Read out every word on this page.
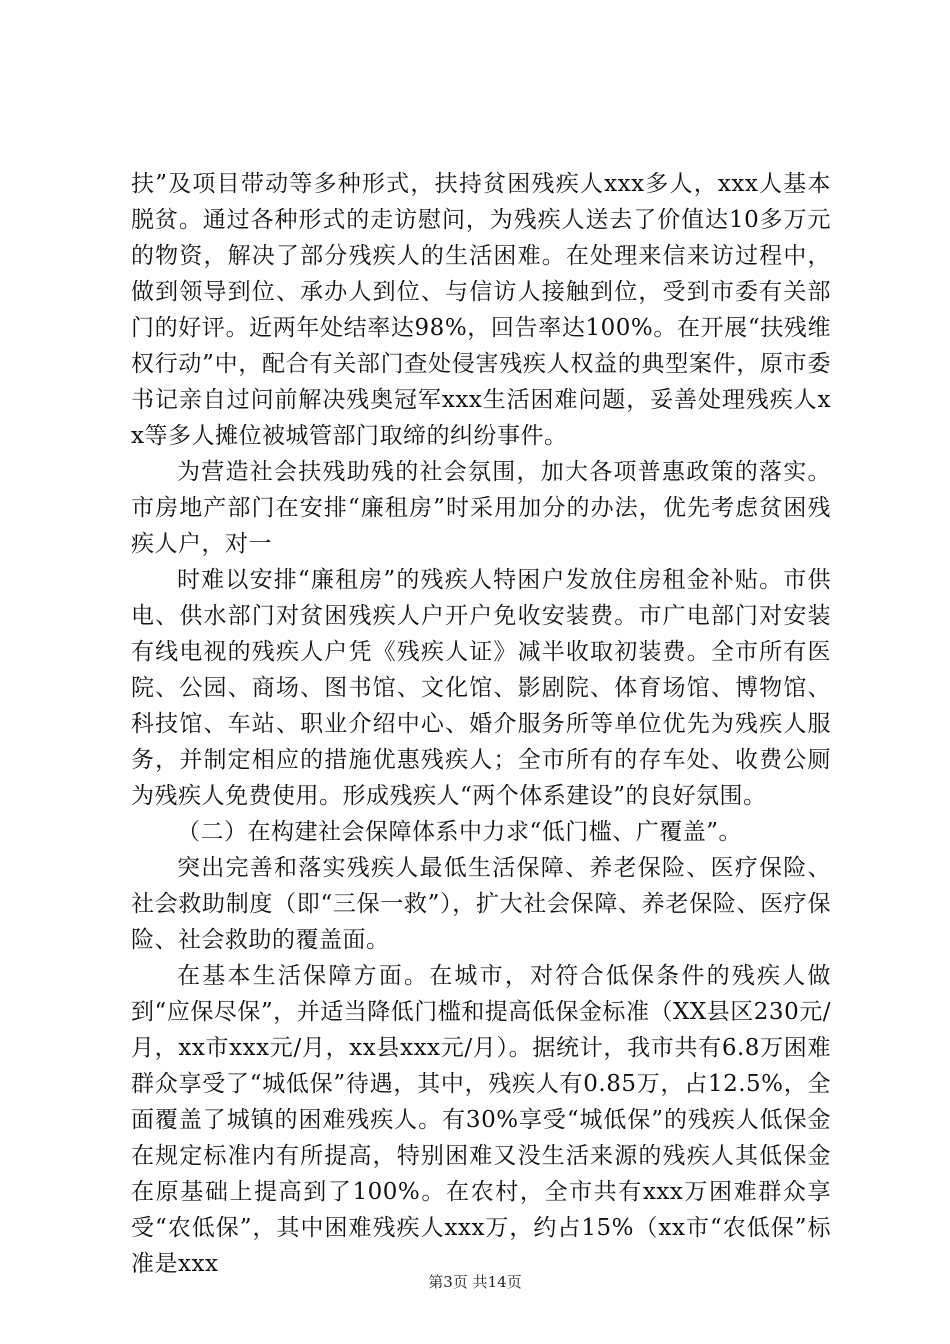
扶”及项目带动等多种形式，扶持贫困残疾人xxx多人，xxx人基本脱贫。通过各种形式的走访慰问，为残疾人送去了价值达10多万元的物资，解决了部分残疾人的生活困难。在处理来信来访过程中，做到领导到位、承办人到位、与信访人接触到位，受到市委有关部门的好评。近两年处结率达98%，回告率达100%。在开展“扶残维权行动”中，配合有关部门查处侵害残疾人权益的典型案件，原市委书记亲自过问前解决残奥冠军xxx生活困难问题，妥善处理残疾人xx等多人摊位被城管部门取缔的纠纷事件。

为营造社会扶残助残的社会氛围，加大各项普惠政策的落实。市房地产部门在安排“廉租房”时采用加分的办法，优先考虑贫困残疾人户，对一

时难以安排“廉租房”的残疾人特困户发放住房租金补贴。市供电、供水部门对贫困残疾人户开户免收安装费。市广电部门对安装有线电视的残疾人户凭《残疾人证》减半收取初装费。全市所有医院、公园、商场、图书馆、文化馆、影剧院、体育场馆、博物馆、科技馆、车站、职业介绍中心、婚介服务所等单位优先为残疾人服务，并制定相应的措施优惠残疾人；全市所有的存车处、收费公厕为残疾人免费使用。形成残疾人“两个体系建设”的良好氛围。

（二）在构建社会保障体系中力求“低门槛、广覆盖”。

突出完善和落实残疾人最低生活保障、养老保险、医疗保险、社会救助制度（即“三保一救”），扩大社会保障、养老保险、医疗保险、社会救助的覆盖面。

在基本生活保障方面。在城市，对符合低保条件的残疾人做到“应保尽保”，并适当降低门槛和提高低保金标准（XX县区230元/月，xx市xxx元/月，xx县xxx元/月）。据统计，我市共有6.8万困难群众享受了“城低保”待遇，其中，残疾人有0.85万，占12.5%，全面覆盖了城镇的困难残疾人。有30%享受“城低保”的残疾人低保金在规定标准内有所提高，特别困难又没生活来源的残疾人其低保金在原基础上提高到了100%。在农村，全市共有xxx万困难群众享受“农低保”，其中困难残疾人xxx万，约占15%（xx市“农低保”标准是xxx

第3页 共14页
